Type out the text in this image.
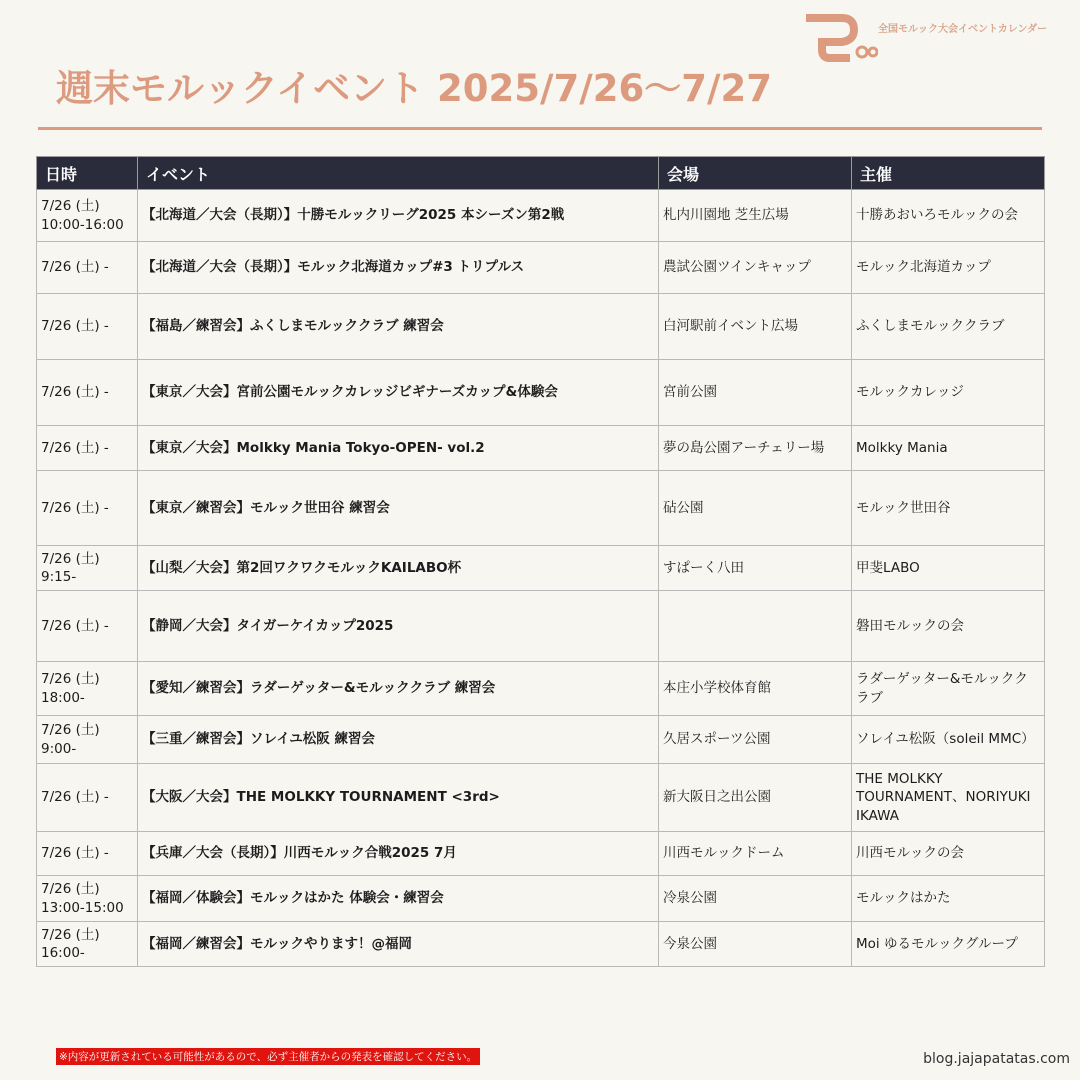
全国モルック大会イベントカレンダー
週末モルックイベント 2025/7/26〜7/27
日時	イベント	会場	主催
7/26 (土)
10:00-16:00	【北海道／大会（長期）】十勝モルックリーグ2025 本シーズン第2戦	札内川園地 芝生広場	十勝あおいろモルックの会
7/26 (土) -	【北海道／大会（長期）】モルック北海道カップ#3 トリプルス	農試公園ツインキャップ	モルック北海道カップ
7/26 (土) -	【福島／練習会】ふくしまモルッククラブ 練習会	白河駅前イベント広場	ふくしまモルッククラブ
7/26 (土) -	【東京／大会】宮前公園モルックカレッジビギナーズカップ&体験会	宮前公園	モルックカレッジ
7/26 (土) -	【東京／大会】Molkky Mania Tokyo-OPEN- vol.2	夢の島公園アーチェリー場	Molkky Mania
7/26 (土) -	【東京／練習会】モルック世田谷 練習会	砧公園	モルック世田谷
7/26 (土)
9:15-	【山梨／大会】第2回ワクワクモルックKAILABO杯	すぱーく八田	甲斐LABO
7/26 (土) -	【静岡／大会】タイガーケイカップ2025		磐田モルックの会
7/26 (土)
18:00-	【愛知／練習会】ラダーゲッター&モルッククラブ 練習会	本庄小学校体育館	ラダーゲッター&モルッククラブ
7/26 (土)
9:00-	【三重／練習会】ソレイユ松阪 練習会	久居スポーツ公園	ソレイユ松阪（soleil MMC）
7/26 (土) -	【大阪／大会】THE MOLKKY TOURNAMENT <3rd>	新大阪日之出公園	THE MOLKKY TOURNAMENT、NORIYUKI IKAWA
7/26 (土) -	【兵庫／大会（長期）】川西モルック合戦2025 7月	川西モルックドーム	川西モルックの会
7/26 (土)
13:00-15:00	【福岡／体験会】モルックはかた 体験会・練習会	冷泉公園	モルックはかた
7/26 (土)
16:00-	【福岡／練習会】モルックやります！@福岡	今泉公園	Moi ゆるモルックグループ
※内容が更新されている可能性があるので、必ず主催者からの発表を確認してください。	blog.jajapatatas.com
